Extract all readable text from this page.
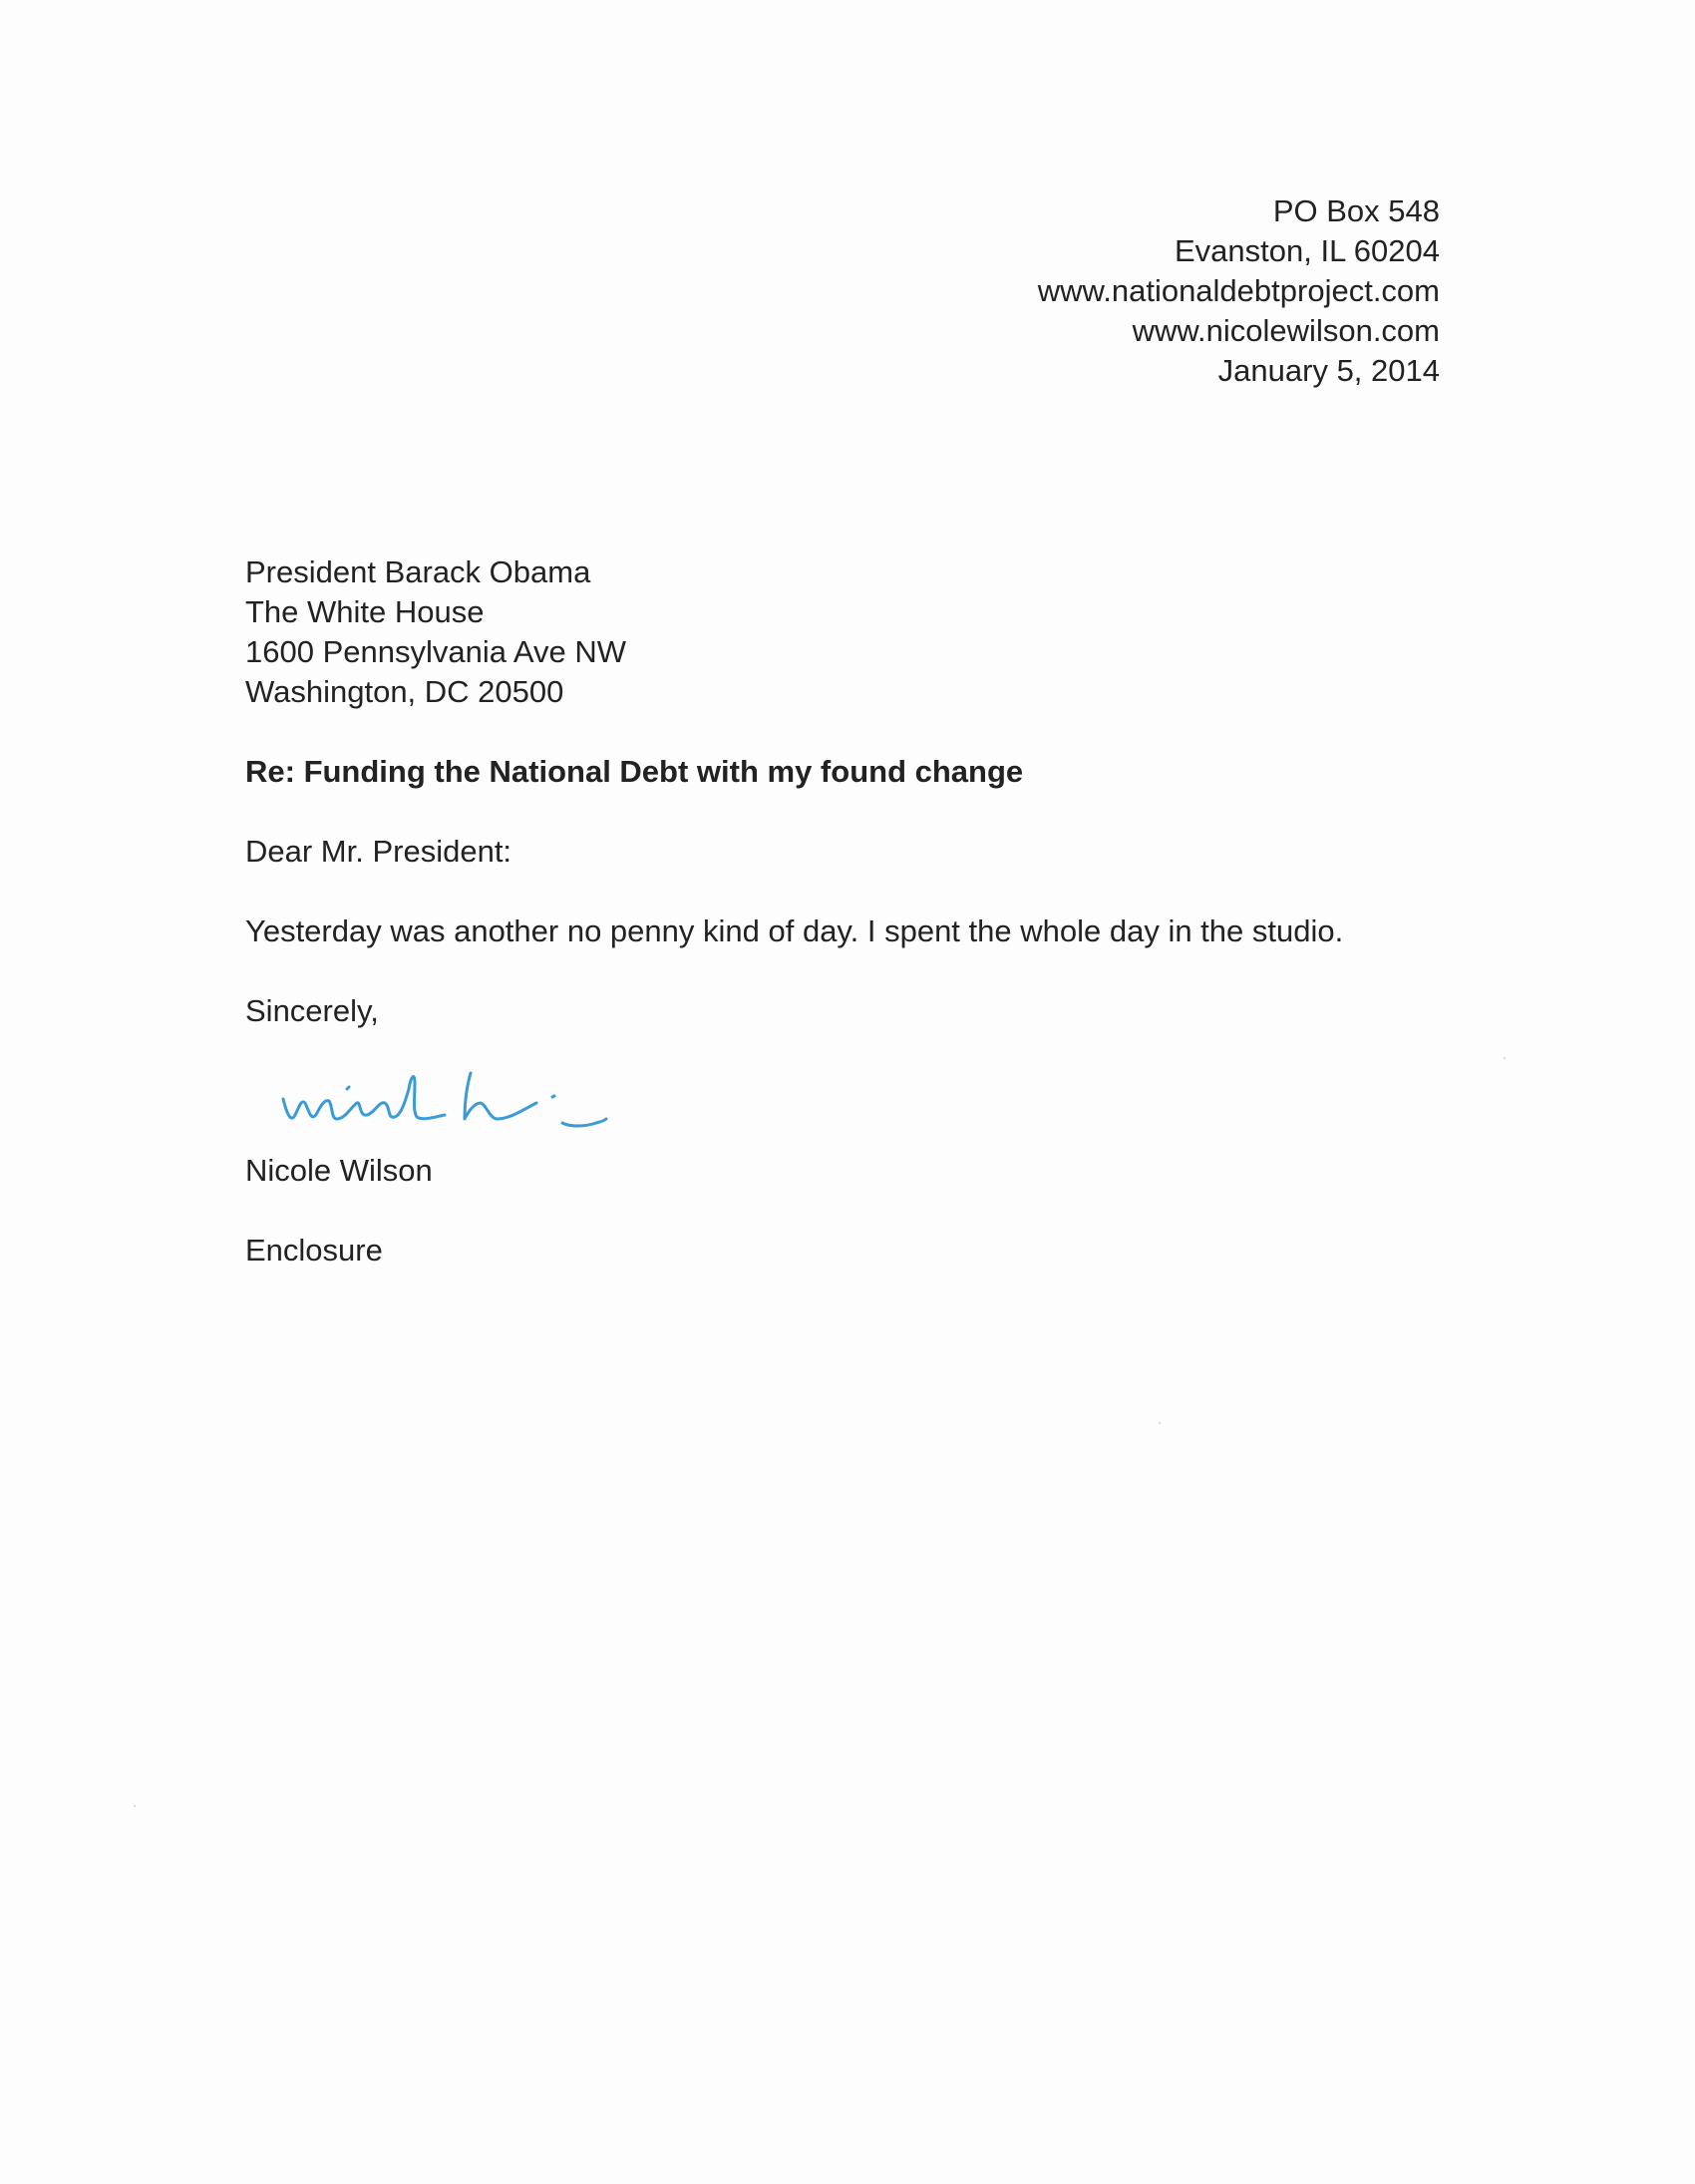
PO Box 548
Evanston, IL 60204
www.nationaldebtproject.com
www.nicolewilson.com
January 5, 2014
President Barack Obama
The White House
1600 Pennsylvania Ave NW
Washington, DC 20500
Re: Funding the National Debt with my found change
Dear Mr. President:
Yesterday was another no penny kind of day. I spent the whole day in the studio.
Sincerely,
Nicole Wilson
Enclosure
